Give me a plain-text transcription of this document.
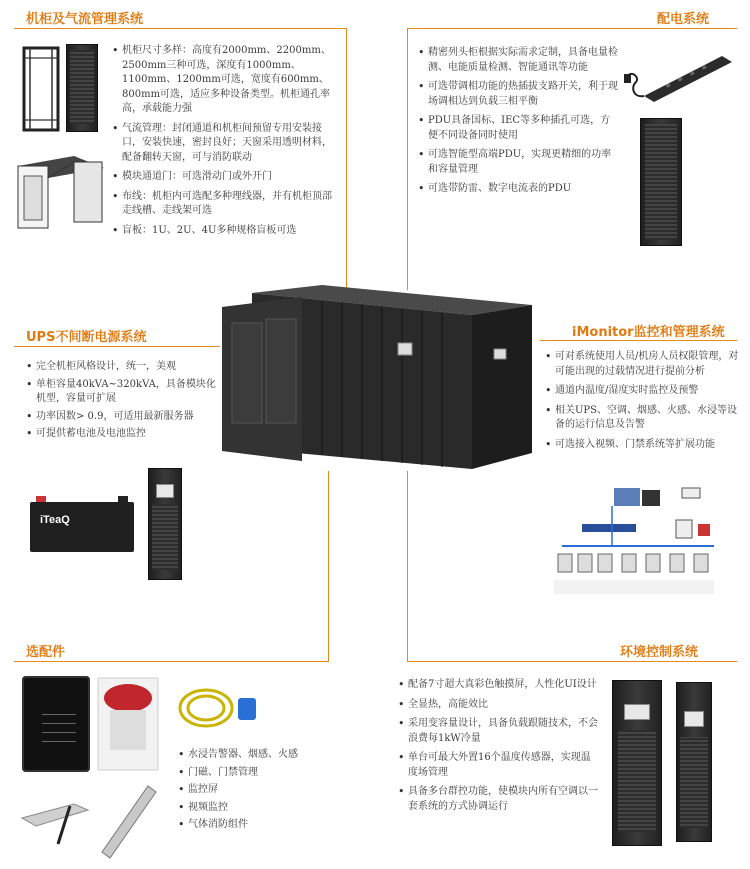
机柜及气流管理系统
• 机柜尺寸多样：高度有2000mm、2200mm、2500mm三种可选，深度有1000mm、1100mm、1200mm可选，宽度有600mm、800mm可选，适应多种设备类型。机柜通孔率高，承载能力强
• 气流管理：封闭通道和机柜间预留专用安装接口，安装快速，密封良好；天窗采用透明材料，配备翻转天窗，可与消防联动
• 模块通道门：可选滑动门或外开门
• 布线：机柜内可选配多种理线器，并有机柜顶部走线槽、走线架可选
• 盲板：1U、2U、4U多种规格盲板可选
配电系统
• 精密列头柜根据实际需求定制，具备电量检测、电能质量检测、智能通讯等功能
• 可选带调相功能的热插拔支路开关，利于现场调相达到负载三相平衡
• PDU具备国标、IEC等多种插孔可选，方便不同设备同时使用
• 可选智能型高端PDU，实现更精细的功率和容量管理
• 可选带防雷、数字电流表的PDU
UPS不间断电源系统
• 完全机柜风格设计，统一，美观
• 单柜容量40kVA~320kVA，具备模块化机型，容量可扩展
• 功率因数> 0.9，可适用最新服务器
• 可提供蓄电池及电池监控
iTeaQ
iMonitor监控和管理系统
• 可对系统使用人员/机房人员权限管理，对可能出现的过载情况进行提前分析
• 通道内温度/湿度实时监控及预警
• 相关UPS、空调、烟感、火感、水浸等设备的运行信息及告警
• 可选接入视频、门禁系统等扩展功能
选配件
• 水浸告警器、烟感、火感
• 门磁、门禁管理
• 监控屏
• 视频监控
• 气体消防组件
环境控制系统
• 配备7寸超大真彩色触摸屏，人性化UI设计
• 全显热，高能效比
• 采用变容量设计，具备负载跟随技术，不会浪费每1kW冷量
• 单台可最大外置16个温度传感器，实现温度场管理
• 具备多台群控功能，使模块内所有空调以一套系统的方式协调运行
